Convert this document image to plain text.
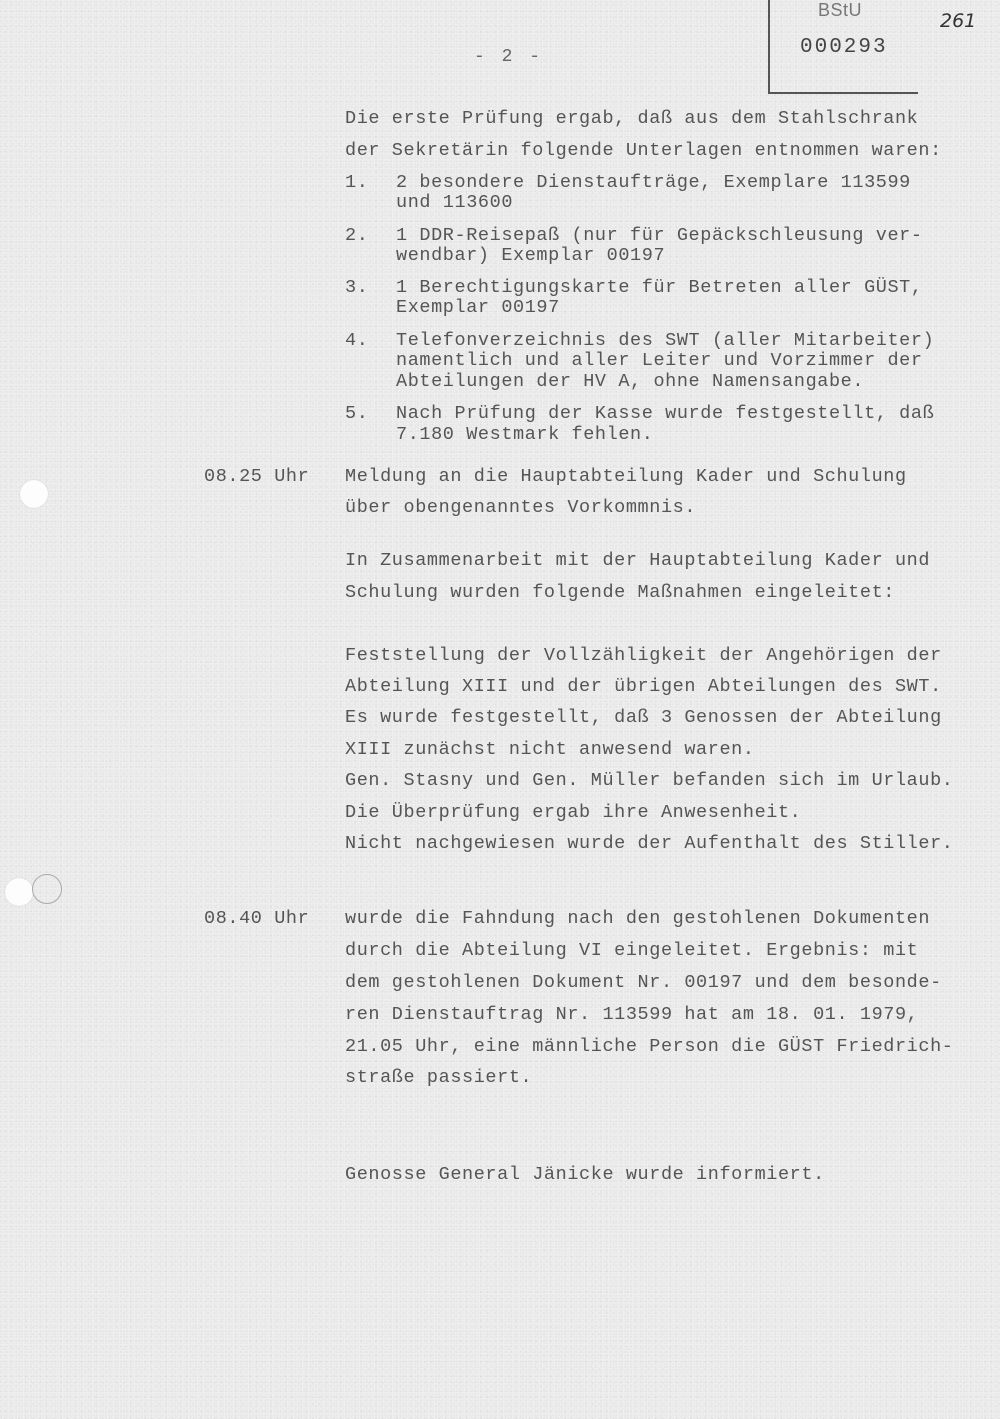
- 2 -
BStU
000293
261
Die erste Prüfung ergab, daß aus dem Stahlschrank
der Sekretärin folgende Unterlagen entnommen waren:
1. 2 besondere Dienstaufträge, Exemplare 113599
und 113600
2. 1 DDR-Reisepaß (nur für Gepäckschleusung ver-
wendbar) Exemplar 00197
3. 1 Berechtigungskarte für Betreten aller GÜST,
Exemplar 00197
4. Telefonverzeichnis des SWT (aller Mitarbeiter)
namentlich und aller Leiter und Vorzimmer der
Abteilungen der HV A, ohne Namensangabe.
5. Nach Prüfung der Kasse wurde festgestellt, daß
7.180 Westmark fehlen.
08.25 Uhr Meldung an die Hauptabteilung Kader und Schulung
über obengenanntes Vorkommnis.
In Zusammenarbeit mit der Hauptabteilung Kader und
Schulung wurden folgende Maßnahmen eingeleitet:
Feststellung der Vollzähligkeit der Angehörigen der
Abteilung XIII und der übrigen Abteilungen des SWT.
Es wurde festgestellt, daß 3 Genossen der Abteilung
XIII zunächst nicht anwesend waren.
Gen. Stasny und Gen. Müller befanden sich im Urlaub.
Die Überprüfung ergab ihre Anwesenheit.
Nicht nachgewiesen wurde der Aufenthalt des Stiller.
08.40 Uhr wurde die Fahndung nach den gestohlenen Dokumenten
durch die Abteilung VI eingeleitet. Ergebnis: mit
dem gestohlenen Dokument Nr. 00197 und dem besonde-
ren Dienstauftrag Nr. 113599 hat am 18. 01. 1979,
21.05 Uhr, eine männliche Person die GÜST Friedrich-
straße passiert.
Genosse General Jänicke wurde informiert.
